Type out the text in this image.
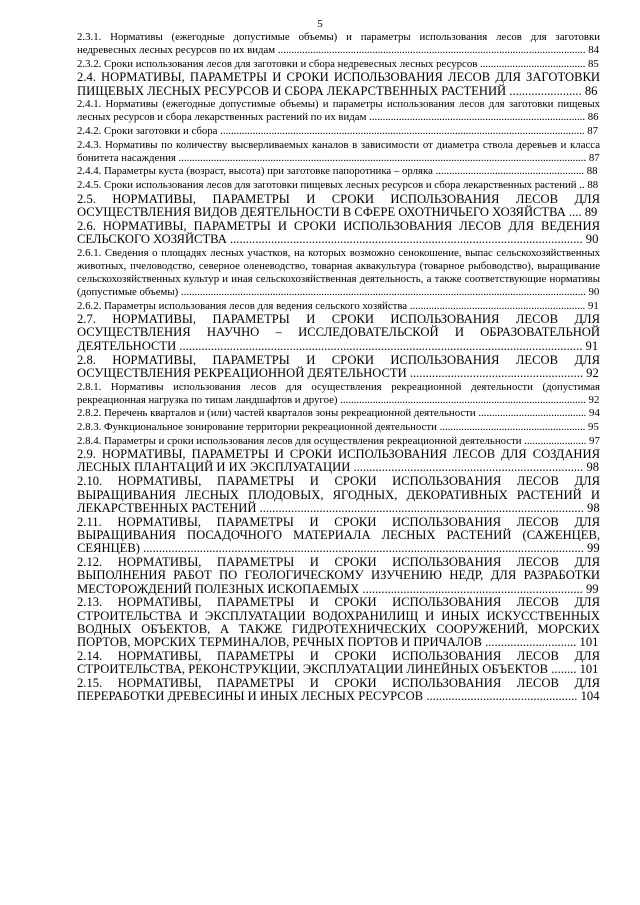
5
2.3.1. Нормативы (ежегодные допустимые объемы) и параметры использования лесов для заготовки недревесных лесных ресурсов по их видам .................................................................................................................. 84
2.3.2. Сроки использования лесов для заготовки и сбора недревесных лесных ресурсов ....................................... 85
2.4. НОРМАТИВЫ, ПАРАМЕТРЫ И СРОКИ ИСПОЛЬЗОВАНИЯ ЛЕСОВ ДЛЯ ЗАГОТОВКИ ПИЩЕВЫХ ЛЕСНЫХ РЕСУРСОВ И СБОРА ЛЕКАРСТВЕННЫХ РАСТЕНИЙ ....................... 86
2.4.1. Нормативы (ежегодные допустимые объемы) и параметры использования лесов для заготовки пищевых лесных ресурсов и сбора лекарственных растений по их видам ................................................................................ 86
2.4.2. Сроки заготовки и сбора ....................................................................................................................................... 87
2.4.3. Нормативы по количеству высверливаемых каналов в зависимости от диаметра ствола деревьев и класса бонитета насаждения ....................................................................................................................................................... 87
2.4.4. Параметры куста (возраст, высота) при заготовке папоротника – орляка ....................................................... 88
2.4.5. Сроки использования лесов для заготовки пищевых лесных ресурсов и сбора лекарственных растений .. 88
2.5. НОРМАТИВЫ, ПАРАМЕТРЫ И СРОКИ ИСПОЛЬЗОВАНИЯ ЛЕСОВ ДЛЯ ОСУЩЕСТВЛЕНИЯ ВИДОВ ДЕЯТЕЛЬНОСТИ В СФЕРЕ ОХОТНИЧЬЕГО ХОЗЯЙСТВА .... 89
2.6. НОРМАТИВЫ, ПАРАМЕТРЫ И СРОКИ ИСПОЛЬЗОВАНИЯ ЛЕСОВ ДЛЯ ВЕДЕНИЯ СЕЛЬСКОГО ХОЗЯЙСТВА ................................................................................................................ 90
2.6.1. Сведения о площадях лесных участков, на которых возможно сенокошение, выпас сельскохозяйственных животных, пчеловодство, северное оленеводство, товарная аквакультура (товарное рыбоводство), выращивание сельскохозяйственных культур и иная сельскохозяйственная деятельность, а также соответствующие нормативы (допустимые объемы) ...................................................................................................................................................... 90
2.6.2. Параметры использования лесов для ведения сельского хозяйства ................................................................. 91
2.7. НОРМАТИВЫ, ПАРАМЕТРЫ И СРОКИ ИСПОЛЬЗОВАНИЯ ЛЕСОВ ДЛЯ ОСУЩЕСТВЛЕНИЯ НАУЧНО – ИССЛЕДОВАТЕЛЬСКОЙ И ОБРАЗОВАТЕЛЬНОЙ ДЕЯТЕЛЬНОСТИ ................................................................................................................................ 91
2.8. НОРМАТИВЫ, ПАРАМЕТРЫ И СРОКИ ИСПОЛЬЗОВАНИЯ ЛЕСОВ ДЛЯ ОСУЩЕСТВЛЕНИЯ РЕКРЕАЦИОННОЙ ДЕЯТЕЛЬНОСТИ ....................................................... 92
2.8.1. Нормативы использования лесов для осуществления рекреационной деятельности (допустимая рекреационная нагрузка по типам ландшафтов и другое) ........................................................................................... 92
2.8.2. Перечень кварталов и (или) частей кварталов зоны рекреационной деятельности ........................................ 94
2.8.3. Функциональное зонирование территории рекреационной деятельности ...................................................... 95
2.8.4. Параметры и сроки использования лесов для осуществления рекреационной деятельности ....................... 97
2.9. НОРМАТИВЫ, ПАРАМЕТРЫ И СРОКИ ИСПОЛЬЗОВАНИЯ ЛЕСОВ ДЛЯ СОЗДАНИЯ ЛЕСНЫХ ПЛАНТАЦИЙ И ИХ ЭКСПЛУАТАЦИИ ......................................................................... 98
2.10. НОРМАТИВЫ, ПАРАМЕТРЫ И СРОКИ ИСПОЛЬЗОВАНИЯ ЛЕСОВ ДЛЯ ВЫРАЩИВАНИЯ ЛЕСНЫХ ПЛОДОВЫХ, ЯГОДНЫХ, ДЕКОРАТИВНЫХ РАСТЕНИЙ И ЛЕКАРСТВЕННЫХ РАСТЕНИЙ ....................................................................................................... 98
2.11. НОРМАТИВЫ, ПАРАМЕТРЫ И СРОКИ ИСПОЛЬЗОВАНИЯ ЛЕСОВ ДЛЯ ВЫРАЩИВАНИЯ ПОСАДОЧНОГО МАТЕРИАЛА ЛЕСНЫХ РАСТЕНИЙ (САЖЕНЦЕВ, СЕЯНЦЕВ) ............................................................................................................................................ 99
2.12. НОРМАТИВЫ, ПАРАМЕТРЫ И СРОКИ ИСПОЛЬЗОВАНИЯ ЛЕСОВ ДЛЯ ВЫПОЛНЕНИЯ РАБОТ ПО ГЕОЛОГИЧЕСКОМУ ИЗУЧЕНИЮ НЕДР, ДЛЯ РАЗРАБОТКИ МЕСТОРОЖДЕНИЙ ПОЛЕЗНЫХ ИСКОПАЕМЫХ ...................................................................... 99
2.13. НОРМАТИВЫ, ПАРАМЕТРЫ И СРОКИ ИСПОЛЬЗОВАНИЯ ЛЕСОВ ДЛЯ СТРОИТЕЛЬСТВА И ЭКСПЛУАТАЦИИ ВОДОХРАНИЛИЩ И ИНЫХ ИСКУССТВЕННЫХ ВОДНЫХ ОБЪЕКТОВ, А ТАКЖЕ ГИДРОТЕХНИЧЕСКИХ СООРУЖЕНИЙ, МОРСКИХ ПОРТОВ, МОРСКИХ ТЕРМИНАЛОВ, РЕЧНЫХ ПОРТОВ И ПРИЧАЛОВ ............................. 101
2.14. НОРМАТИВЫ, ПАРАМЕТРЫ И СРОКИ ИСПОЛЬЗОВАНИЯ ЛЕСОВ ДЛЯ СТРОИТЕЛЬСТВА, РЕКОНСТРУКЦИИ, ЭКСПЛУАТАЦИИ ЛИНЕЙНЫХ ОБЪЕКТОВ ........ 101
2.15. НОРМАТИВЫ, ПАРАМЕТРЫ И СРОКИ ИСПОЛЬЗОВАНИЯ ЛЕСОВ ДЛЯ ПЕРЕРАБОТКИ ДРЕВЕСИНЫ И ИНЫХ ЛЕСНЫХ РЕСУРСОВ ................................................ 104
